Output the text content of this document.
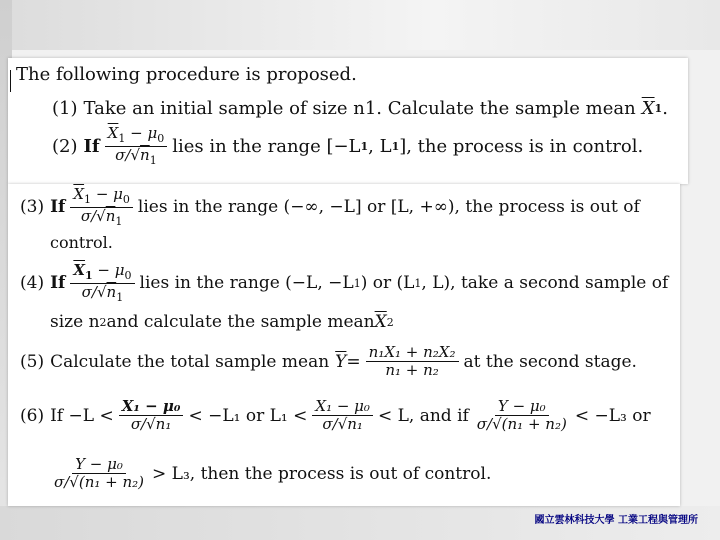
The following procedure is proposed.
(1) Take an initial sample of size n1. Calculate the sample mean $\overline{X}$ 1 .
(2) If $\frac{\overline{X}_1 - \mu_0}{\sigma/√n_1}$ lies in the range [−L 1 , L 1 ], the process is in control.
(3) If $\frac{\overline{X}_1 - \mu_0}{\sigma/√n_1}$ lies in the range (−∞, −L] or [L, +∞), the process is out of
control.
(4) If $\frac{\overline{X}_1 - \mu_0}{\sigma/√n_1}$ lies in the range (−L, −L 1 ) or (L 1 , L), take a second sample of
size n 2 and calculate the sample mean $\overline{X}$ 2
(5) Calculate the total sample mean $\overline{Y} = \frac{\text{n₁X₁ + n₂X₂}}{\text{n₁ + n₂}}$ at the second stage.
(6) $If -L < \frac{\text{X₁ − μ₀}}{\text{σ/√n₁}} < -L_1$ or $L_1 < \frac{\text{X₁ − μ₀}}{\text{σ/√n₁}} < L$, and if $\frac{\text{Y − μ₀}}{\text{σ/√(n₁ + n₂)}} < -L_3$ or
$\frac{\text{Y − μ₀}}{\text{σ/√(n₁ + n₂)}} > L_3$, then the process is out of control.
國立雲林科技大學 工業工程與管理所
